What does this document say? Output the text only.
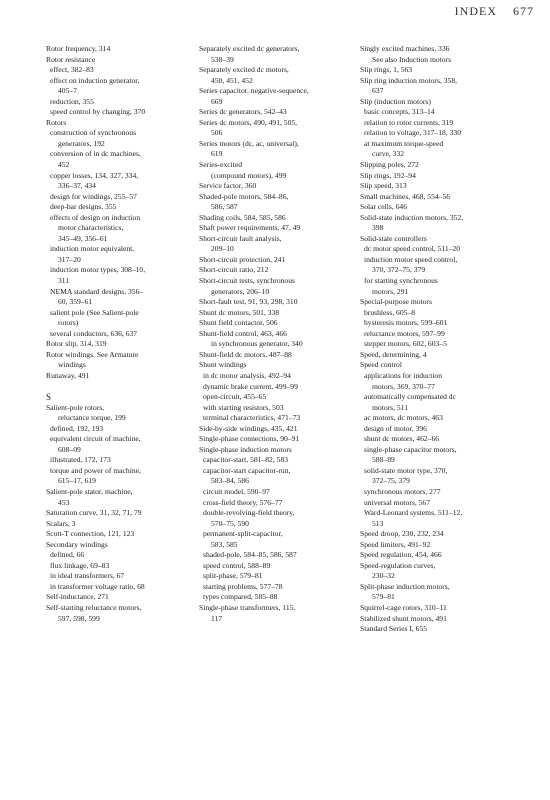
INDEX 677
Rotor frequency, 314
Rotor resistance
effect, 382–83
effect on induction generator,
405–7
reduction, 355
speed control by changing, 370
Rotors
construction of synchronous
generators, 192
conversion of in dc machines,
452
copper losses, 134, 327, 334,
336–37, 434
design for windings, 255–57
deep-bar designs, 355
effects of design on induction
motor characteristics,
345–49, 356–61
induction motor equivalent,
317–20
induction motor types, 308–10,
311
NEMA standard designs, 356–
60, 359–61
salient pole (See Salient-pole
rotors)
several conductors, 636, 637
Rotor slip, 314, 319
Rotor windings. See Armature
windings
Runaway, 491
S
Salient-pole rotors,
reluctance torque, 199
defined, 192, 193
equivalent circuit of machine,
608–09
illustrated, 172, 173
torque and power of machine,
615–17, 619
Salient-pole stator, machine,
453
Saturation curve, 31, 32, 71, 79
Scalars, 3
Scott-T connection, 121, 123
Secondary windings
defined, 66
flux linkage, 69–83
in ideal transformers, 67
in transformer voltage ratio, 68
Self-inductance, 271
Self-starting reluctance motors,
597, 598, 599
Separately excited dc generators,
538–39
Separately excited dc motors,
450, 451, 452
Series capacitor, negative-sequence,
669
Series dc generators, 542–43
Series dc motors, 490, 491, 505,
506
Series motors (dc, ac, universal),
619
Series-excited
(compound motors), 499
Service factor, 360
Shaded-pole motors, 584–86,
586, 587
Shading coils, 584, 585, 586
Shaft power requirements, 47, 49
Short-circuit fault analysis,
209–10
Short-circuit protection, 241
Short-circuit ratio, 212
Short-circuit tests, synchronous
generators, 206–10
Short-fault test, 91, 93, 298, 310
Shunt dc motors, 501, 338
Shunt field contactor, 506
Shunt-field control, 463, 466
in synchronous generator, 340
Shunt-field dc motors, 487–88
Shunt windings
in dc motor analysis, 492–94
dynamic brake current, 499–99
open-circuit, 455–65
with starting resistors, 503
terminal characteristics, 471–73
Side-by-side windings, 435, 421
Single-phase connections, 90–91
Single-phase induction motors
capacitor-start, 581–82, 583
capacitor-start capacitor-run,
583–84, 586
circuit model, 590–97
cross-field theory, 576–77
double-revolving-field theory,
570–75, 590
permanent-split-capacitor,
583, 585
shaded-pole, 584–85, 586, 587
speed control, 588–89
split-phase, 579–81
starting problems, 577–78
types compared, 585–88
Single-phase transformers, 115,
117
Singly excited machines, 336
See also Induction motors
Slip rings, 1, 563
Slip ring induction motors, 358,
637
Slip (induction motors)
basic concepts, 313–14
relation to rotor currents, 319
relation to voltage, 317–18, 330
at maximum torque-speed
curve, 332
Slipping poles, 272
Slip rings, 192–94
Slip speed, 313
Small machines, 468, 554–56
Solar cells, 646
Solid-state induction motors, 352,
398
Solid-state controllers
dc motor speed control, 511–20
induction motor speed control,
370, 372–75, 379
for starting synchronous
motors, 291
Special-purpose motors
brushless, 605–8
hysteresis motors, 599–601
reluctance motors, 597–99
stepper motors, 602, 603–5
Speed, determining, 4
Speed control
applications for induction
motors, 369, 370–77
automatically compensated dc
motors, 511
ac motors, dc motors, 463
design of motor, 396
shunt dc motors, 462–66
single-phase capacitor motors,
588–89
solid-state motor type, 370,
372–75, 379
synchronous motors, 277
universal motors, 567
Ward-Leonard systems, 511–12,
513
Speed droop, 230, 232, 234
Speed limiters, 491–92
Speed regulation, 454, 466
Speed-regulation curves,
230–32
Split-phase induction motors,
579–81
Squirrel-cage rotors, 310–11
Stabilized shunt motors, 491
Standard Series I, 655
